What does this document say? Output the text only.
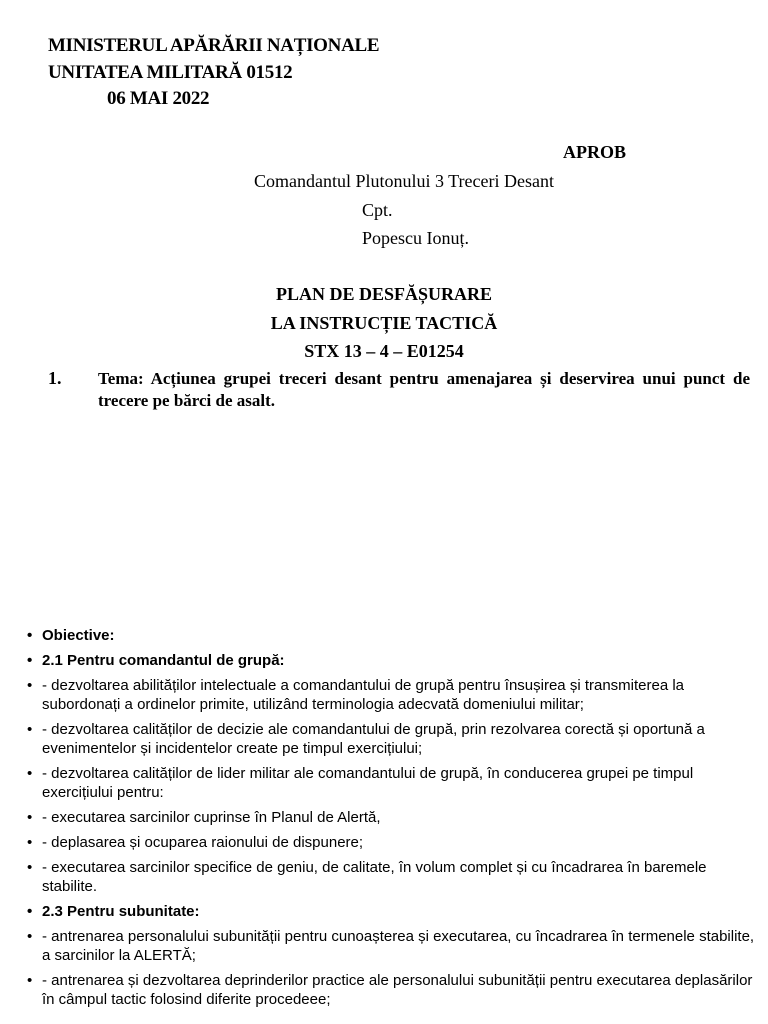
MINISTERUL APĂRĂRII NAȚIONALE
UNITATEA MILITARĂ 01512
06 MAI 2022
APROB
Comandantul Plutonului 3 Treceri Desant
Cpt.
Popescu Ionuț.
PLAN DE DESFĂȘURARE
LA INSTRUCȚIE TACTICĂ
STX 13 – 4 – E01254
1. Tema: Acțiunea grupei treceri desant pentru amenajarea și deservirea unui punct de trecere pe bărci de asalt.
• Obiective:
• 2.1 Pentru comandantul de grupă:
• - dezvoltarea abilităților intelectuale a comandantului de grupă pentru însușirea și transmiterea la subordonați a ordinelor primite, utilizând terminologia adecvată domeniului militar;
• - dezvoltarea calităților de decizie ale comandantului de grupă, prin rezolvarea corectă și oportună a evenimentelor și incidentelor create pe timpul exercițiului;
• - dezvoltarea calităților de lider militar ale comandantului de grupă, în conducerea grupei pe timpul exercițiului pentru:
• - executarea sarcinilor cuprinse în Planul de Alertă,
• - deplasarea și ocuparea raionului de dispunere;
• - executarea sarcinilor specifice de geniu, de calitate, în volum complet și cu încadrarea în baremele stabilite.
• 2.3 Pentru subunitate:
• - antrenarea personalului subunității pentru cunoașterea și executarea, cu încadrarea în termenele stabilite, a sarcinilor la ALERTĂ;
• - antrenarea și dezvoltarea deprinderilor practice ale personalului subunității pentru executarea deplasărilor în câmpul tactic folosind diferite procedeee;
